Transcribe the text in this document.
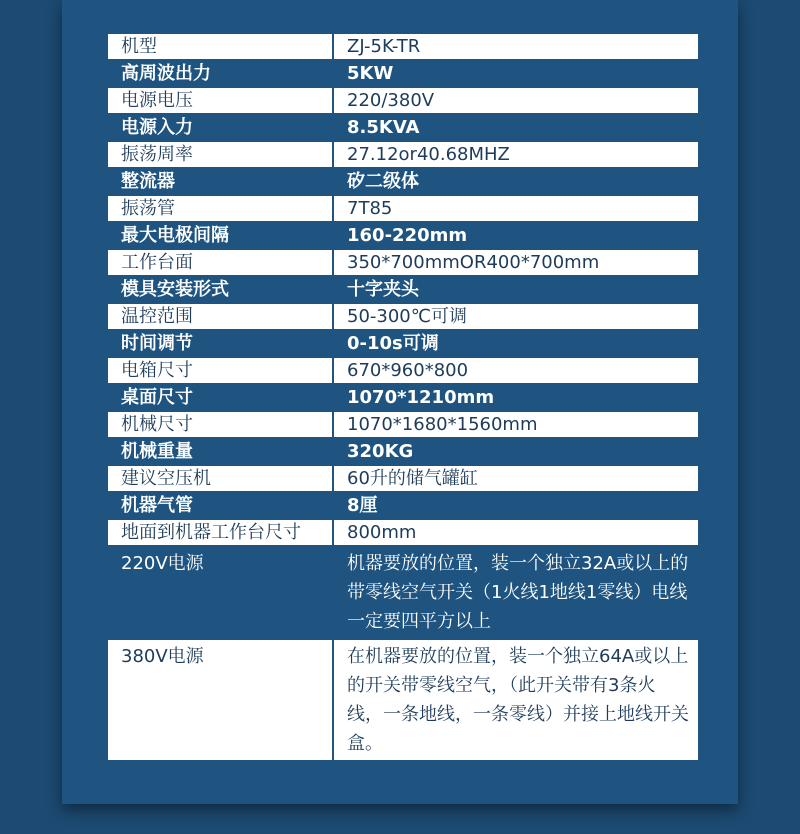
机型	ZJ-5K-TR
高周波出力	5KW
电源电压	220/380V
电源入力	8.5KVA
振荡周率	27.12or40.68MHZ
整流器	矽二级体
振荡管	7T85
最大电极间隔	160-220mm
工作台面	350*700mmOR400*700mm
模具安装形式	十字夹头
温控范围	50-300℃可调
时间调节	0-10s可调
电箱尺寸	670*960*800
桌面尺寸	1070*1210mm
机械尺寸	1070*1680*1560mm
机械重量	320KG
建议空压机	60升的储气罐缸
机器气管	8厘
地面到机器工作台尺寸	800mm
220V电源	机器要放的位置，装一个独立32A或以上的带零线空气开关（1火线1地线1零线）电线一定要四平方以上
380V电源	在机器要放的位置，装一个独立64A或以上的开关带零线空气，（此开关带有3条火线，一条地线，一条零线）并接上地线开关盒。
